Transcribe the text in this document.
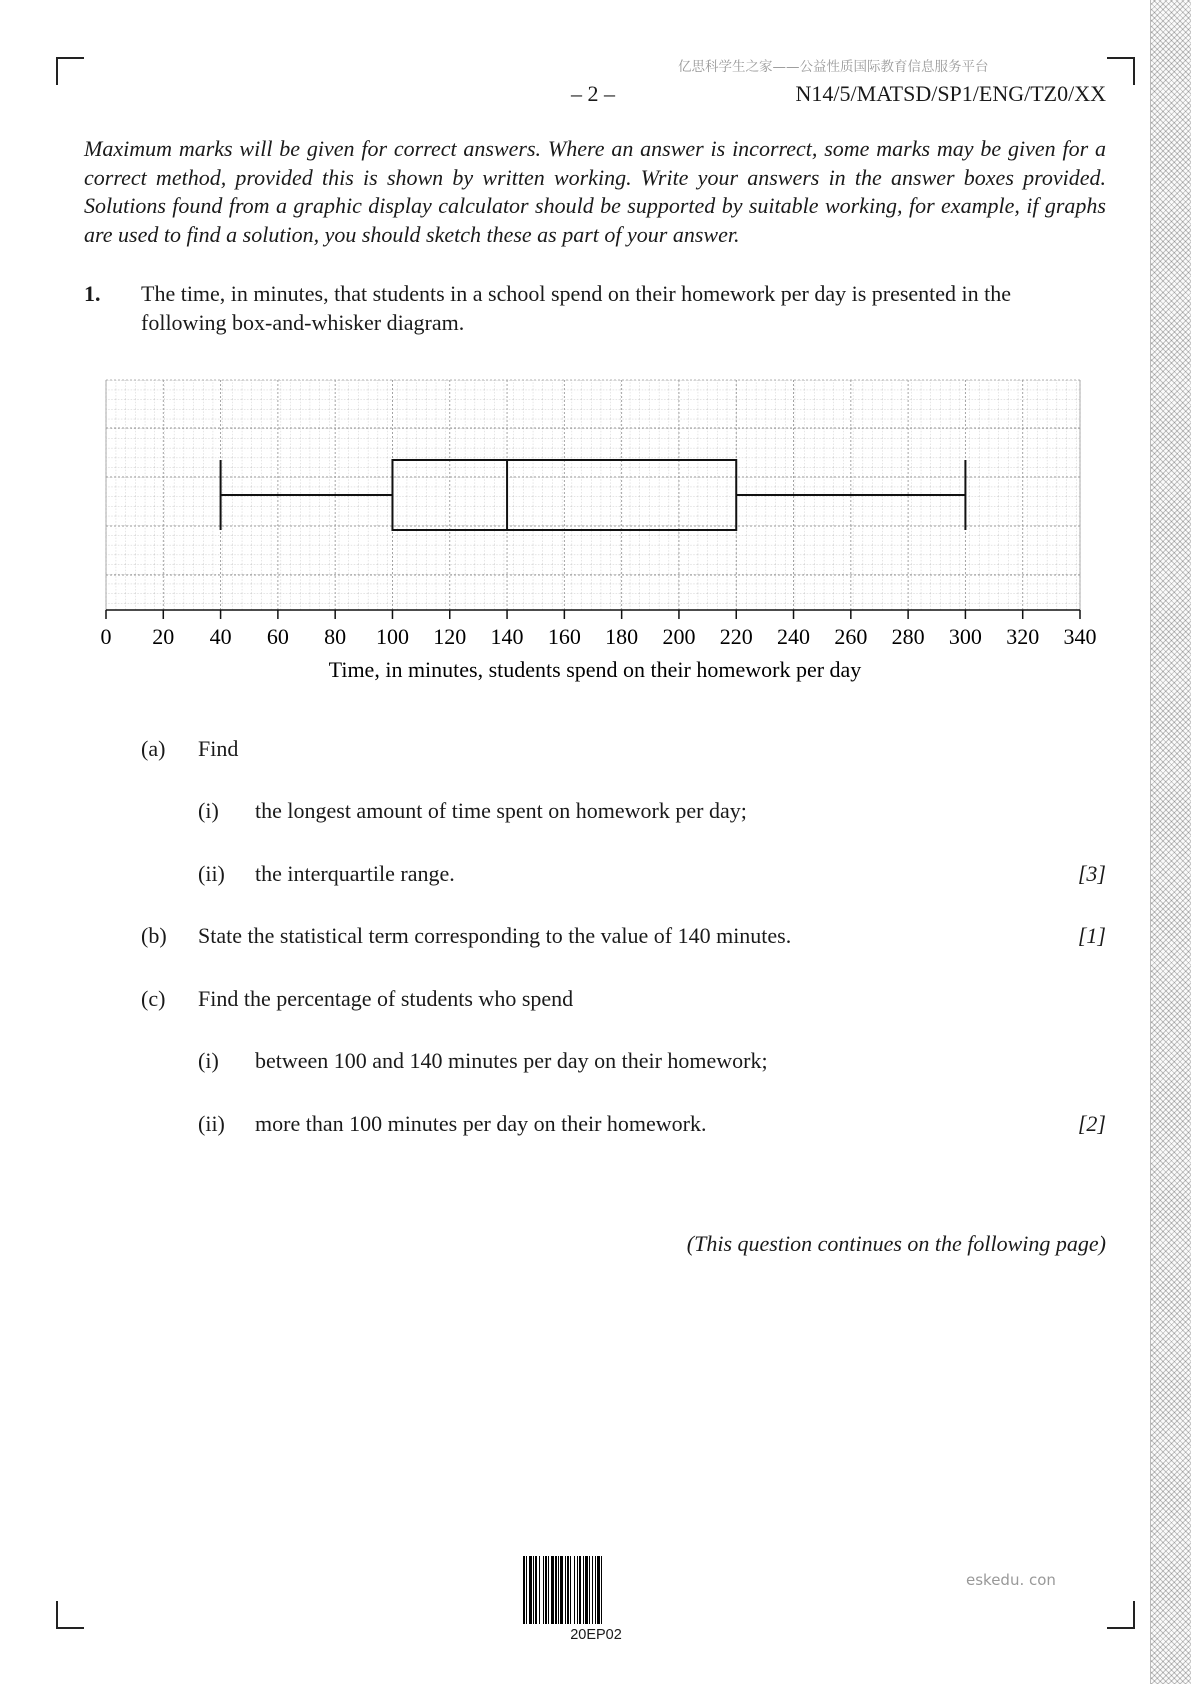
亿思科学生之家——公益性质国际教育信息服务平台
– 2 –	N14/5/MATSD/SP1/ENG/TZ0/XX
Maximum marks will be given for correct answers. Where an answer is incorrect, some marks may be given for a correct method, provided this is shown by written working. Write your answers in the answer boxes provided. Solutions found from a graphic display calculator should be supported by suitable working, for example, if graphs are used to find a solution, you should sketch these as part of your answer.
1. The time, in minutes, that students in a school spend on their homework per day is presented in the following box-and-whisker diagram.
0 20 40 60 80 100 120 140 160 180 200 220 240 260 280 300 320 340
Time, in minutes, students spend on their homework per day
(a) Find
(i) the longest amount of time spent on homework per day;
(ii) the interquartile range.	[3]
(b) State the statistical term corresponding to the value of 140 minutes.	[1]
(c) Find the percentage of students who spend
(i) between 100 and 140 minutes per day on their homework;
(ii) more than 100 minutes per day on their homework.	[2]
(This question continues on the following page)
20EP02
eskedu. con
